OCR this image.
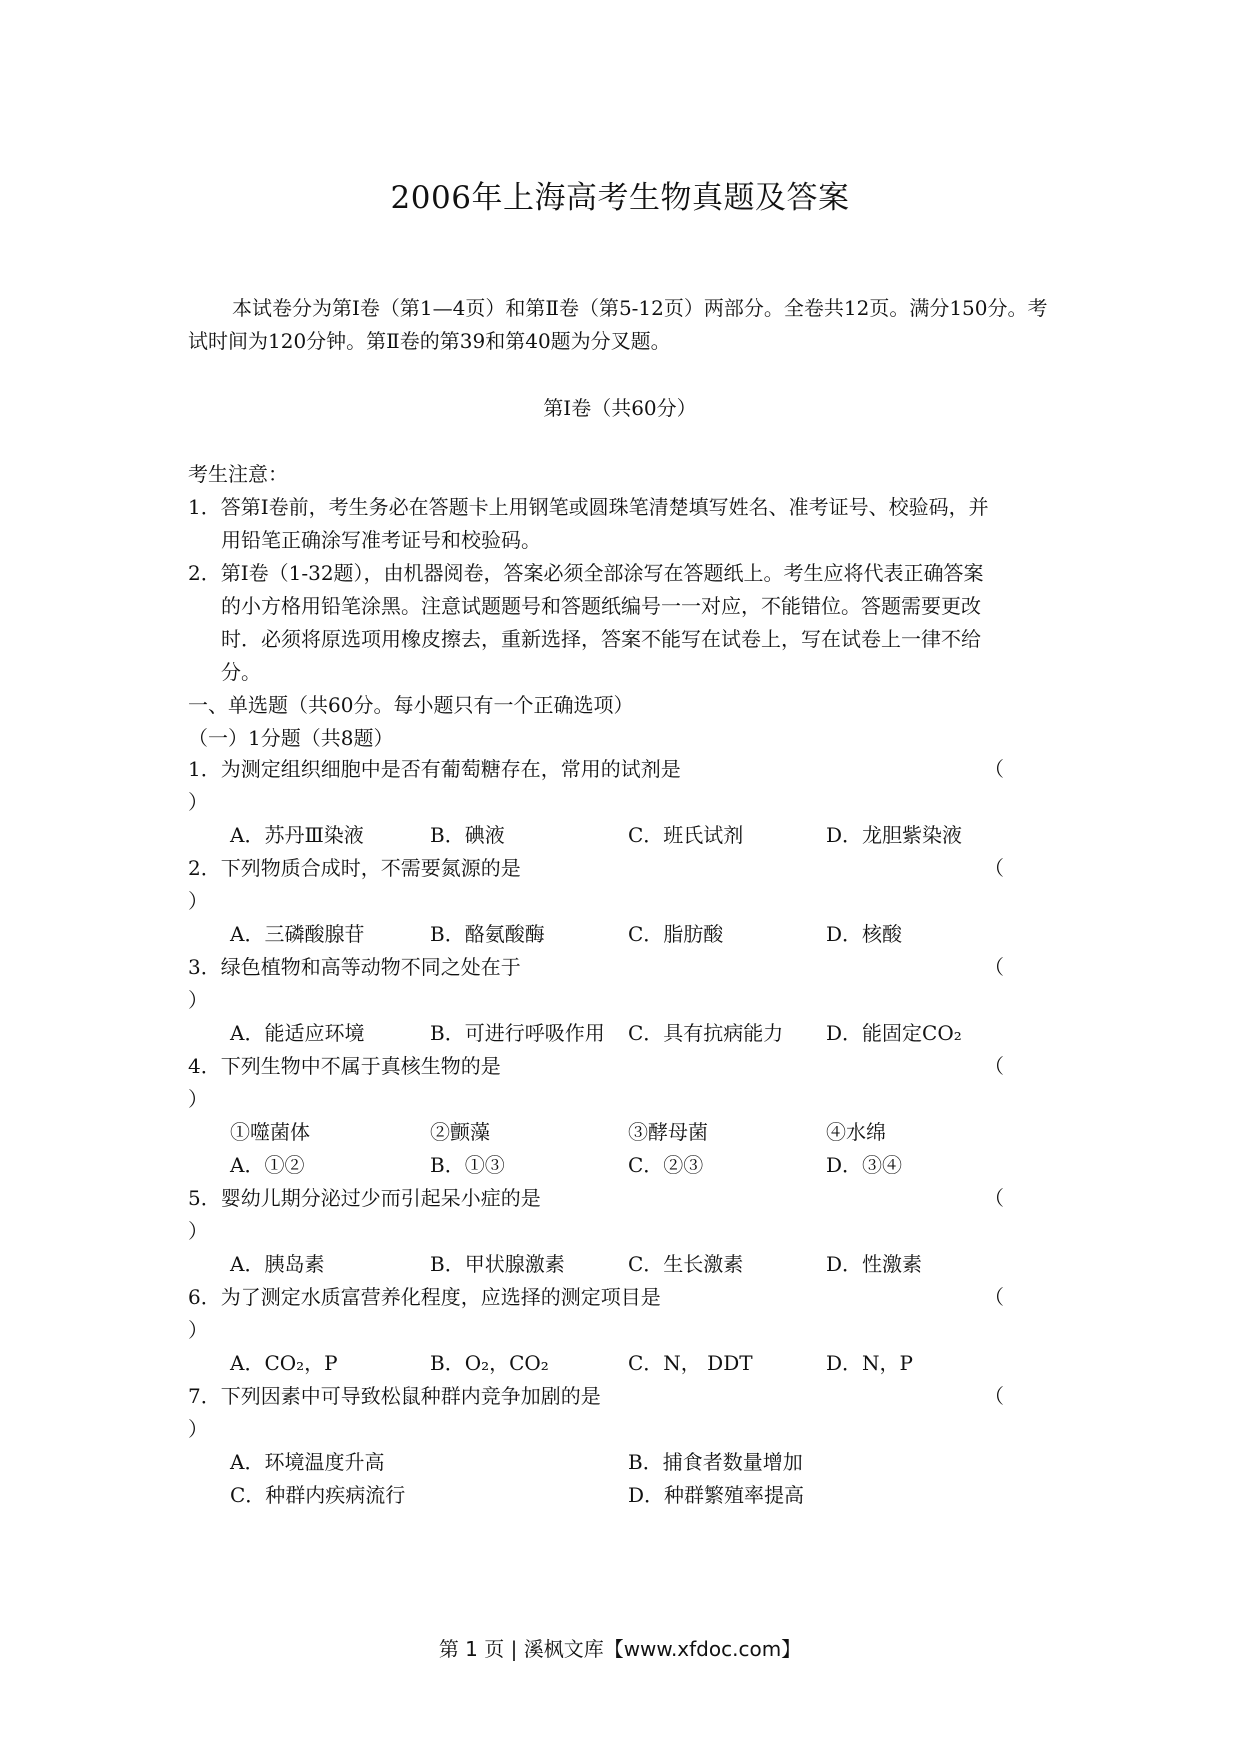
2006年上海高考生物真题及答案
本试卷分为第Ⅰ卷（第1—4页）和第Ⅱ卷（第5-12页）两部分。全卷共12页。满分150分。考试时间为120分钟。第Ⅱ卷的第39和第40题为分叉题。
第Ⅰ卷（共60分）
考生注意：
1．答第Ⅰ卷前，考生务必在答题卡上用钢笔或圆珠笔清楚填写姓名、准考证号、校验码，并
用铅笔正确涂写准考证号和校验码。
2．第Ⅰ卷（1-32题），由机器阅卷，答案必须全部涂写在答题纸上。考生应将代表正确答案
的小方格用铅笔涂黑。注意试题题号和答题纸编号一一对应，不能错位。答题需要更改
时．必须将原选项用橡皮擦去，重新选择，答案不能写在试卷上，写在试卷上一律不给
分。
一、单选题（共60分。每小题只有一个正确选项）
（一）1分题（共8题）
1．为测定组织细胞中是否有葡萄糖存在，常用的试剂是	（
）
A．苏丹Ⅲ染液	B．碘液	C．班氏试剂	D．龙胆紫染液
2．下列物质合成时，不需要氮源的是	（
）
A．三磷酸腺苷	B．酪氨酸酶	C．脂肪酸	D．核酸
3．绿色植物和高等动物不同之处在于	（
）
A．能适应环境	B．可进行呼吸作用 C．具有抗病能力 D．能固定CO₂
4．下列生物中不属于真核生物的是	（
）
①噬菌体	②颤藻	③酵母菌	④水绵
A．①②	B．①③	C．②③	D．③④
5．婴幼儿期分泌过少而引起呆小症的是	（
）
A．胰岛素	B．甲状腺激素	C．生长激素	D．性激素
6．为了测定水质富营养化程度，应选择的测定项目是	（
）
A．CO₂，P	B．O₂，CO₂	C．N， DDT	D．N，P
7．下列因素中可导致松鼠种群内竞争加剧的是	（
）
A．环境温度升高	B．捕食者数量增加
C．种群内疾病流行	D．种群繁殖率提高
第 1 页 | 溪枫文库【www.xfdoc.com】
